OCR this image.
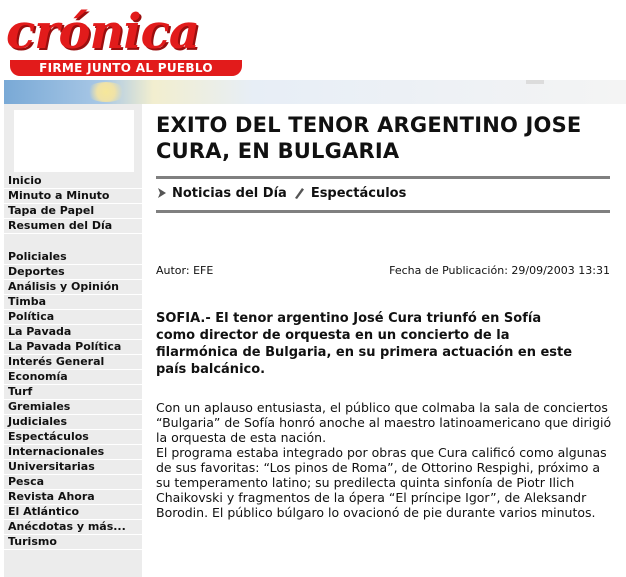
crónica
FIRME JUNTO AL PUEBLO
Inicio
Minuto a Minuto
Tapa de Papel
Resumen del Día
Policiales
Deportes
Análisis y Opinión
Timba
Política
La Pavada
La Pavada Política
Interés General
Economía
Turf
Gremiales
Judiciales
Espectáculos
Internacionales
Universitarias
Pesca
Revista Ahora
El Atlántico
Anécdotas y más...
Turismo
EXITO DEL TENOR ARGENTINO JOSE CURA, EN BULGARIA
Noticias del Día Espectáculos
Autor: EFE	Fecha de Publicación: 29/09/2003 13:31

SOFIA.- El tenor argentino José Cura triunfó en Sofía como director de orquesta en un concierto de la filarmónica de Bulgaria, en su primera actuación en este país balcánico.

Con un aplauso entusiasta, el público que colmaba la sala de conciertos “Bulgaria” de Sofía honró anoche al maestro latinoamericano que dirigió la orquesta de esta nación.
El programa estaba integrado por obras que Cura calificó como algunas de sus favoritas: “Los pinos de Roma”, de Ottorino Respighi, próximo a su temperamento latino; su predilecta quinta sinfonía de Piotr Ilich Chaikovski y fragmentos de la ópera “El príncipe Igor”, de Aleksandr Borodin. El público búlgaro lo ovacionó de pie durante varios minutos.
